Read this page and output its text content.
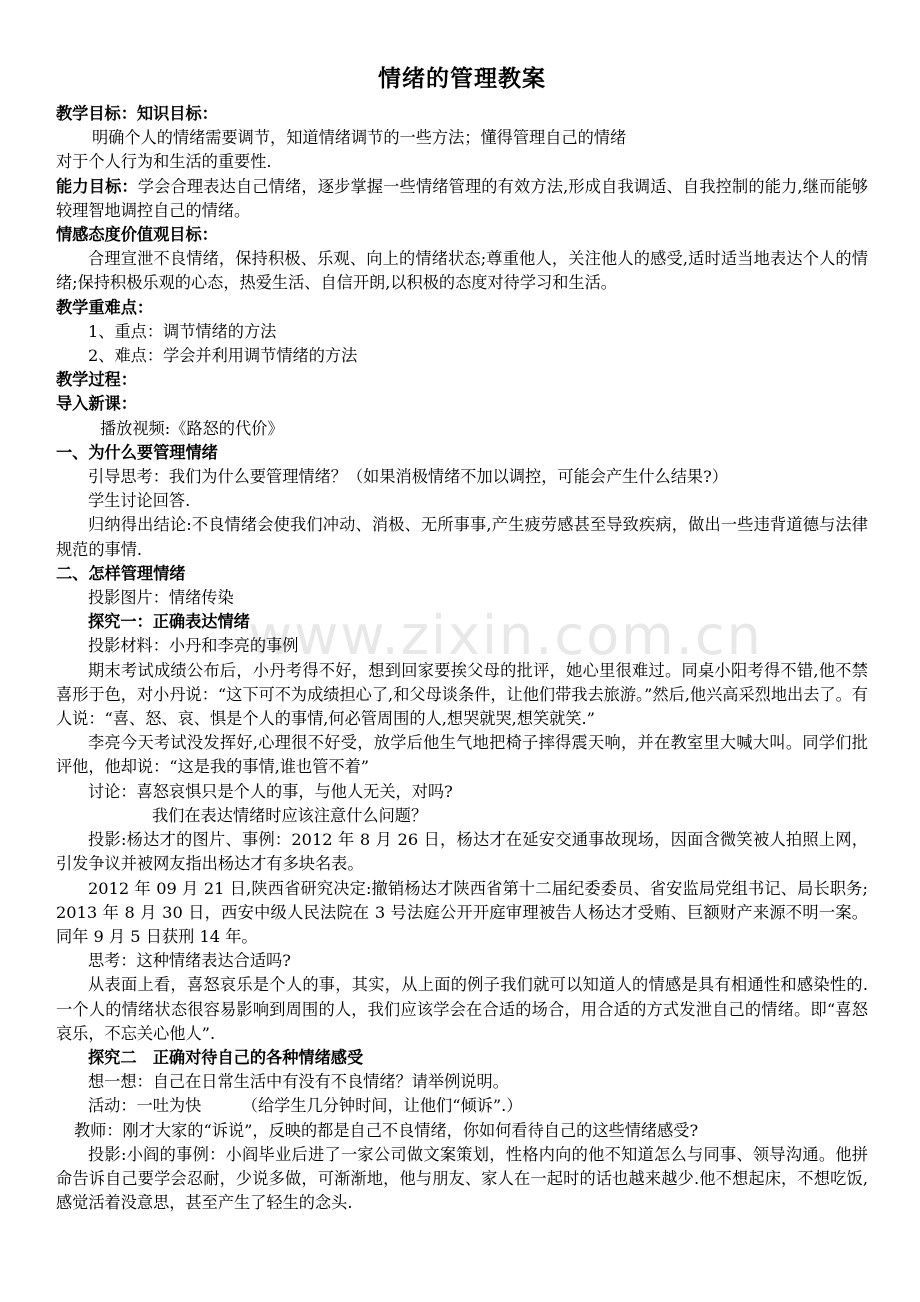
www.zixin.com.cn
情绪的管理教案

教学目标：知识目标：

明确个人的情绪需要调节，知道情绪调节的一些方法；懂得管理自己的情绪

对于个人行为和生活的重要性.

能力目标：学会合理表达自己情绪，逐步掌握一些情绪管理的有效方法,形成自我调适、自我控制的能力,继而能够较理智地调控自己的情绪。

情感态度价值观目标：

合理宣泄不良情绪，保持积极、乐观、向上的情绪状态;尊重他人，关注他人的感受,适时适当地表达个人的情绪;保持积极乐观的心态，热爱生活、自信开朗,以积极的态度对待学习和生活。

教学重难点：

1、重点：调节情绪的方法

2、难点：学会并利用调节情绪的方法

教学过程：

导入新课：

播放视频:《路怒的代价》

一、为什么要管理情绪

引导思考：我们为什么要管理情绪？（如果消极情绪不加以调控，可能会产生什么结果?）

学生讨论回答.

归纳得出结论:不良情绪会使我们冲动、消极、无所事事,产生疲劳感甚至导致疾病，做出一些违背道德与法律规范的事情.

二、怎样管理情绪

投影图片：情绪传染

探究一：正确表达情绪

投影材料：小丹和李亮的事例

期末考试成绩公布后，小丹考得不好，想到回家要挨父母的批评，她心里很难过。同桌小阳考得不错,他不禁喜形于色，对小丹说：“这下可不为成绩担心了,和父母谈条件，让他们带我去旅游。”然后,他兴高采烈地出去了。有人说：“喜、怒、哀、惧是个人的事情,何必管周围的人,想哭就哭,想笑就笑.”

李亮今天考试没发挥好,心理很不好受，放学后他生气地把椅子摔得震天响，并在教室里大喊大叫。同学们批评他，他却说：“这是我的事情,谁也管不着”

讨论：喜怒哀惧只是个人的事，与他人无关，对吗?

我们在表达情绪时应该注意什么问题？

投影:杨达才的图片、事例：2012 年 8 月 26 日，杨达才在延安交通事故现场，因面含微笑被人拍照上网，引发争议并被网友指出杨达才有多块名表。

2012 年 09 月 21 日,陕西省研究决定:撤销杨达才陕西省第十二届纪委委员、省安监局党组书记、局长职务;2013 年 8 月 30 日，西安中级人民法院在 3 号法庭公开开庭审理被告人杨达才受贿、巨额财产来源不明一案。同年 9 月 5 日获刑 14 年。

思考：这种情绪表达合适吗?

从表面上看，喜怒哀乐是个人的事，其实，从上面的例子我们就可以知道人的情感是具有相通性和感染性的.一个人的情绪状态很容易影响到周围的人，我们应该学会在合适的场合，用合适的方式发泄自己的情绪。即“喜怒哀乐，不忘关心他人”.

探究二　正确对待自己的各种情绪感受

想一想：自己在日常生活中有没有不良情绪？请举例说明。

活动：一吐为快　　　（给学生几分钟时间，让他们“倾诉”.）

教师：刚才大家的“诉说”，反映的都是自己不良情绪，你如何看待自己的这些情绪感受?

投影:小阎的事例：小阎毕业后进了一家公司做文案策划，性格内向的他不知道怎么与同事、领导沟通。他拼命告诉自己要学会忍耐，少说多做，可渐渐地，他与朋友、家人在一起时的话也越来越少.他不想起床，不想吃饭,感觉活着没意思，甚至产生了轻生的念头.
